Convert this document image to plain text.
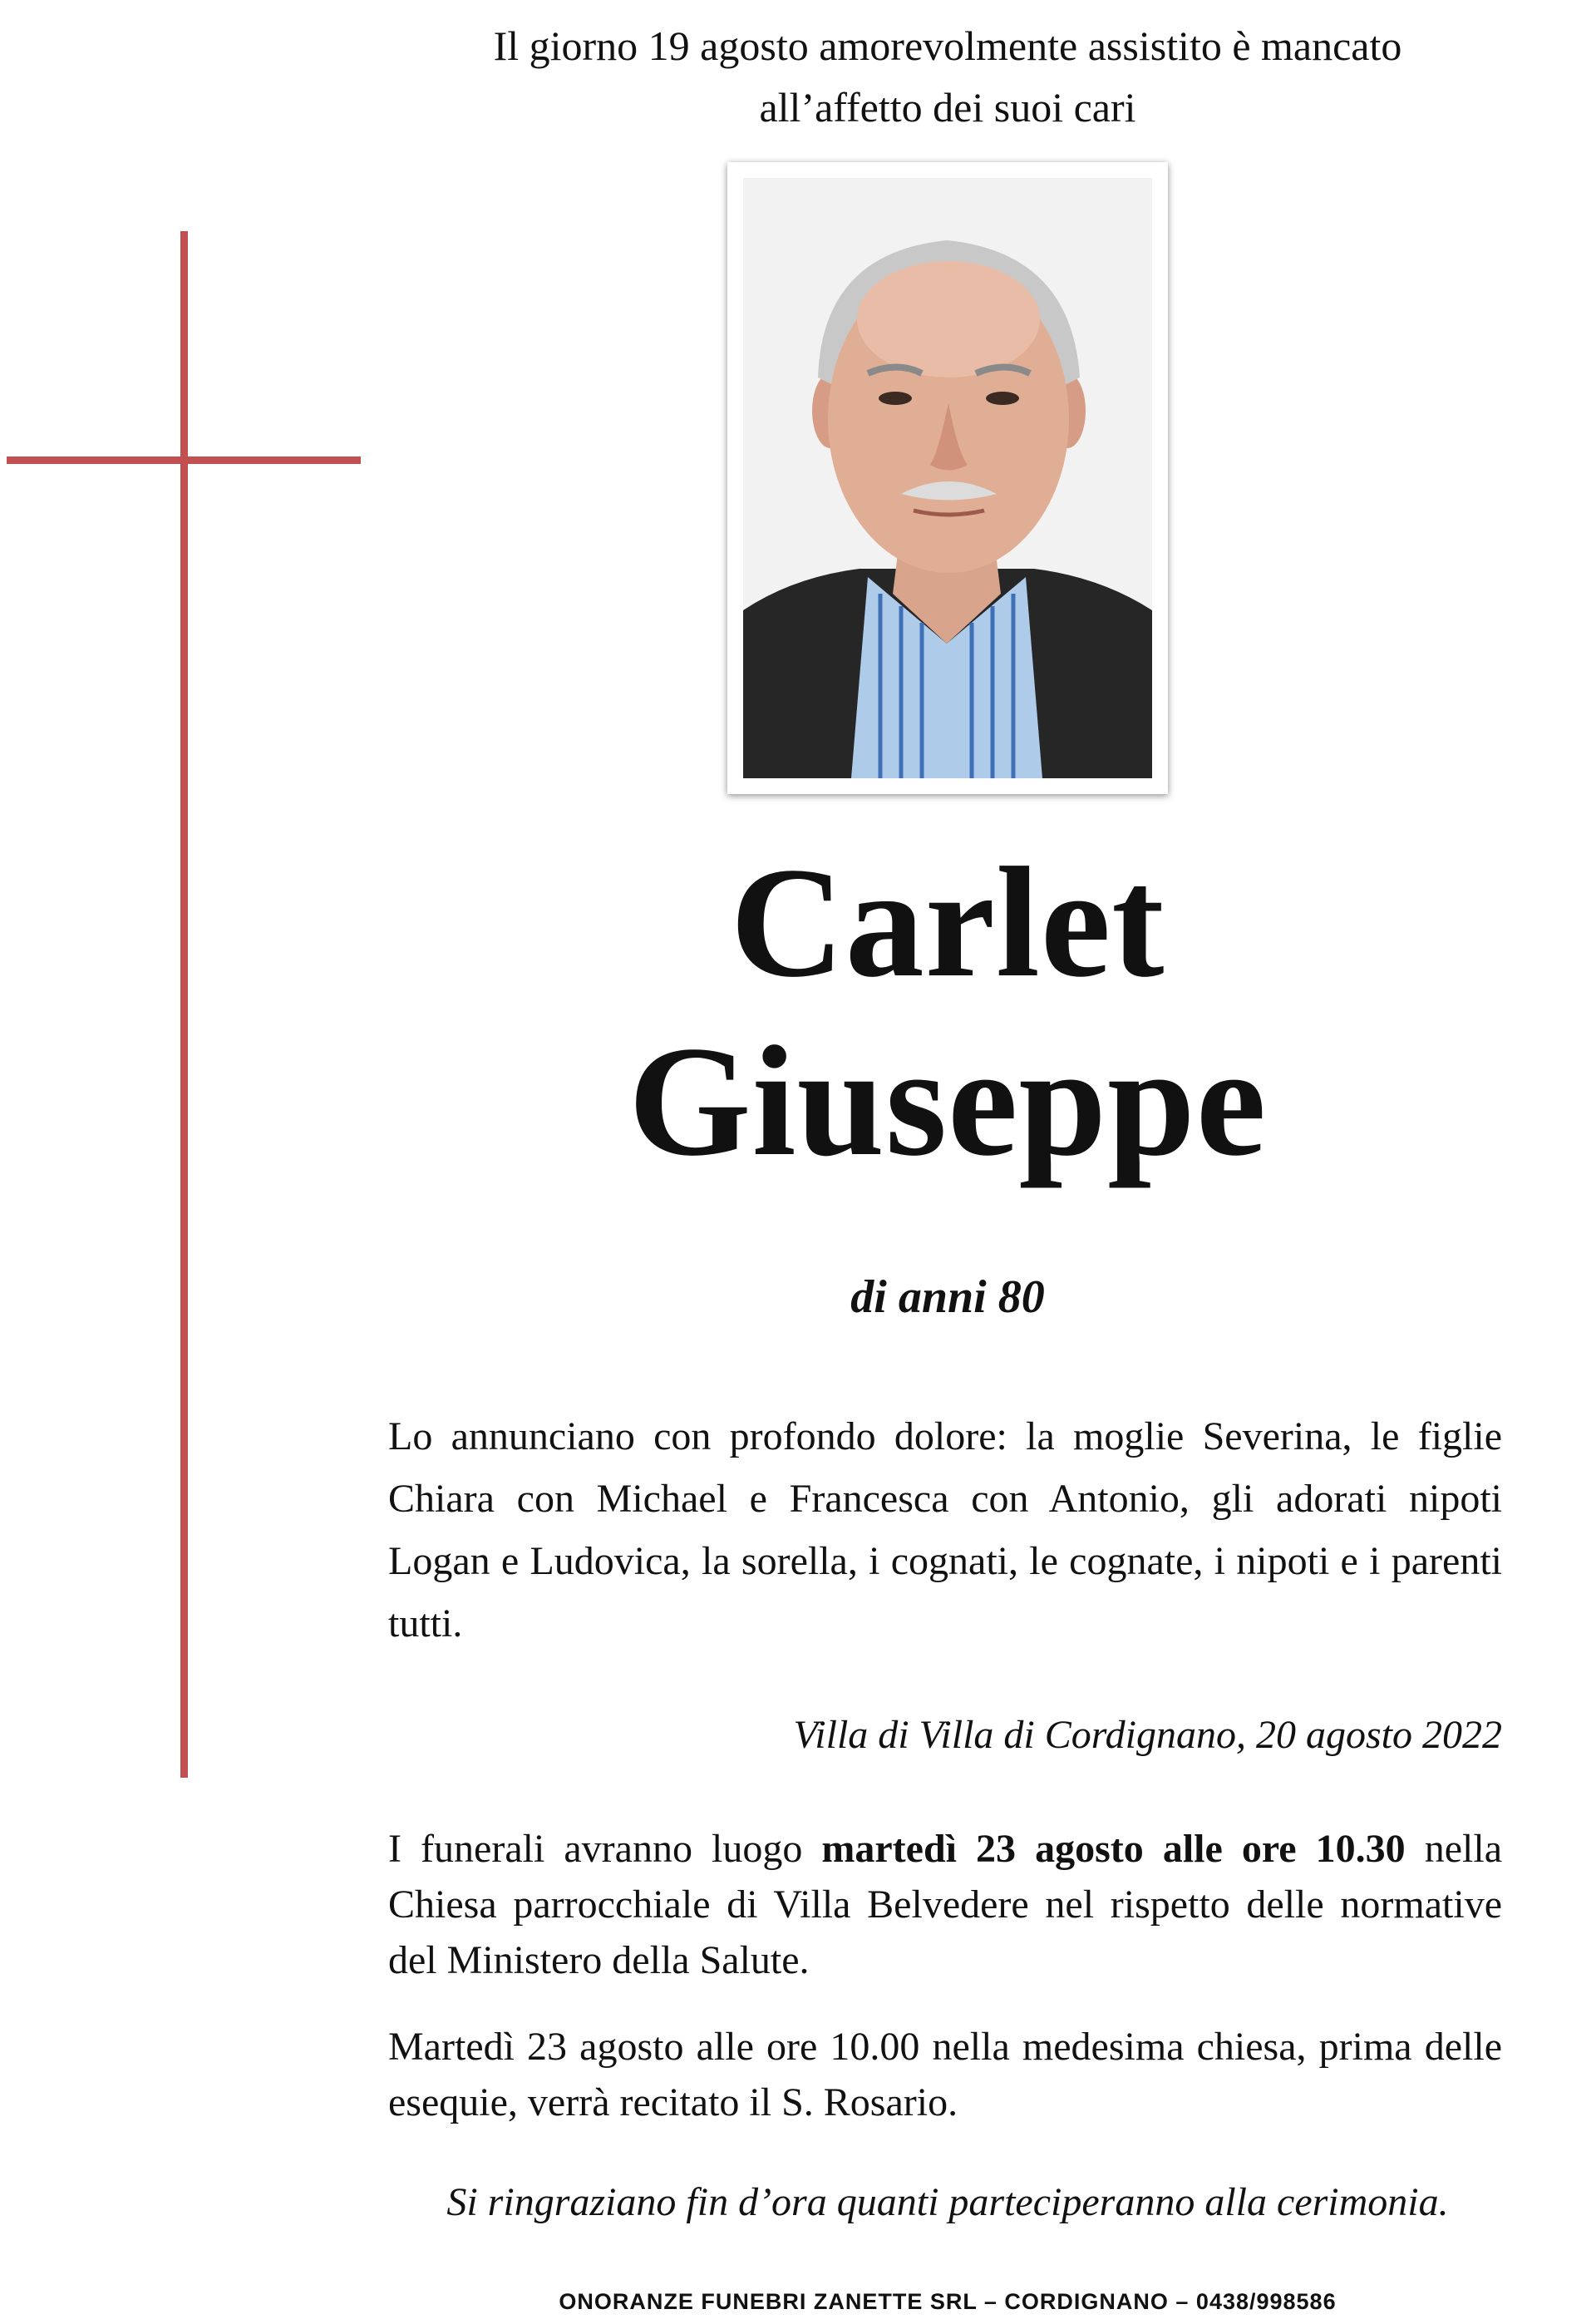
Il giorno 19 agosto amorevolmente assistito è mancato
all’affetto dei suoi cari
Carlet
Giuseppe
di anni 80
Lo annunciano con profondo dolore: la moglie Severina, le figlie Chiara con Michael e Francesca con Antonio, gli adorati nipoti Logan e Ludovica, la sorella, i cognati, le cognate, i nipoti e i parenti tutti.
Villa di Villa di Cordignano, 20 agosto 2022
I funerali avranno luogo martedì 23 agosto alle ore 10.30 nella Chiesa parrocchiale di Villa Belvedere nel rispetto delle normative del Ministero della Salute.
Martedì 23 agosto alle ore 10.00 nella medesima chiesa, prima delle esequie, verrà recitato il S. Rosario.
Si ringraziano fin d’ora quanti parteciperanno alla cerimonia.
ONORANZE FUNEBRI ZANETTE SRL – CORDIGNANO – 0438/998586
